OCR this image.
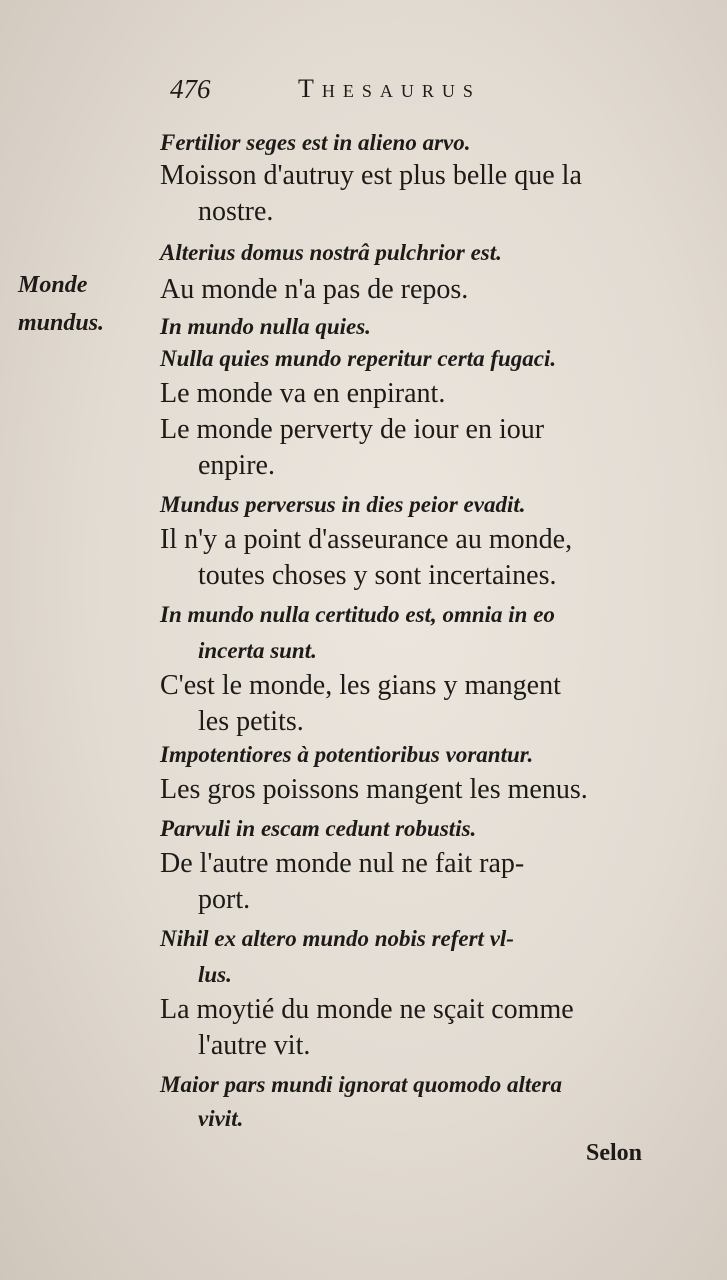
476	Thesaurus
Monde
mundus.
Fertilior seges est in alieno arvo.
Moisson d'autruy est plus belle que la
nostre.
Alterius domus nostrâ pulchrior est.
Au monde n'a pas de repos.
In mundo nulla quies.
Nulla quies mundo reperitur certa fugaci.
Le monde va en enpirant.
Le monde perverty de iour en iour
enpire.
Mundus perversus in dies peior evadit.
Il n'y a point d'asseurance au monde,
toutes choses y sont incertaines.
In mundo nulla certitudo est, omnia in eo
incerta sunt.
C'est le monde, les gians y mangent
les petits.
Impotentiores à potentioribus vorantur.
Les gros poissons mangent les menus.
Parvuli in escam cedunt robustis.
De l'autre monde nul ne fait rap-
port.
Nihil ex altero mundo nobis refert vl-
lus.
La moytié du monde ne sçait comme
l'autre vit.
Maior pars mundi ignorat quomodo altera
vivit.
Selon
